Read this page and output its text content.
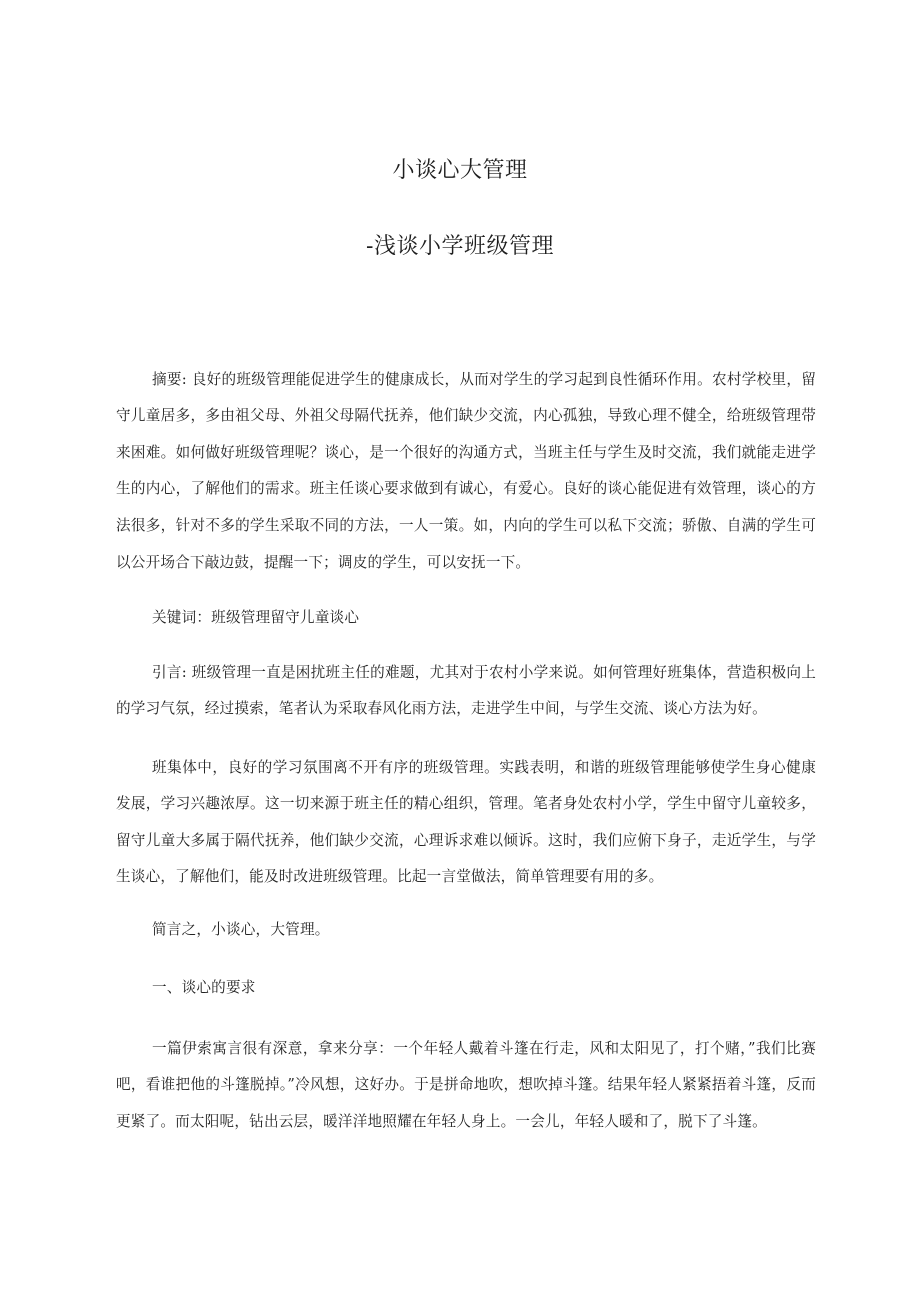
小谈心大管理
-浅谈小学班级管理

摘要: 良好的班级管理能促进学生的健康成长，从而对学生的学习起到良性循环作用。农村学校里，留守儿童居多，多由祖父母、外祖父母隔代抚养，他们缺少交流，内心孤独，导致心理不健全，给班级管理带来困难。如何做好班级管理呢？谈心，是一个很好的沟通方式，当班主任与学生及时交流，我们就能走进学生的内心，了解他们的需求。班主任谈心要求做到有诚心，有爱心。良好的谈心能促进有效管理，谈心的方法很多，针对不多的学生采取不同的方法，一人一策。如，内向的学生可以私下交流；骄傲、自满的学生可以公开场合下敲边鼓，提醒一下；调皮的学生，可以安抚一下。

关键词：班级管理留守儿童谈心

引言: 班级管理一直是困扰班主任的难题，尤其对于农村小学来说。如何管理好班集体，营造积极向上的学习气氛，经过摸索，笔者认为采取春风化雨方法，走进学生中间，与学生交流、谈心方法为好。

班集体中，良好的学习氛围离不开有序的班级管理。实践表明，和谐的班级管理能够使学生身心健康发展，学习兴趣浓厚。这一切来源于班主任的精心组织，管理。笔者身处农村小学，学生中留守儿童较多，留守儿童大多属于隔代抚养，他们缺少交流，心理诉求难以倾诉。这时，我们应俯下身子，走近学生，与学生谈心，了解他们，能及时改进班级管理。比起一言堂做法，简单管理要有用的多。

简言之，小谈心，大管理。

一、谈心的要求

一篇伊索寓言很有深意，拿来分享：一个年轻人戴着斗篷在行走，风和太阳见了，打个赌，”我们比赛吧，看谁把他的斗篷脱掉。”冷风想，这好办。于是拼命地吹，想吹掉斗篷。结果年轻人紧紧捂着斗篷，反而更紧了。而太阳呢，钻出云层，暖洋洋地照耀在年轻人身上。一会儿，年轻人暖和了，脱下了斗篷。
